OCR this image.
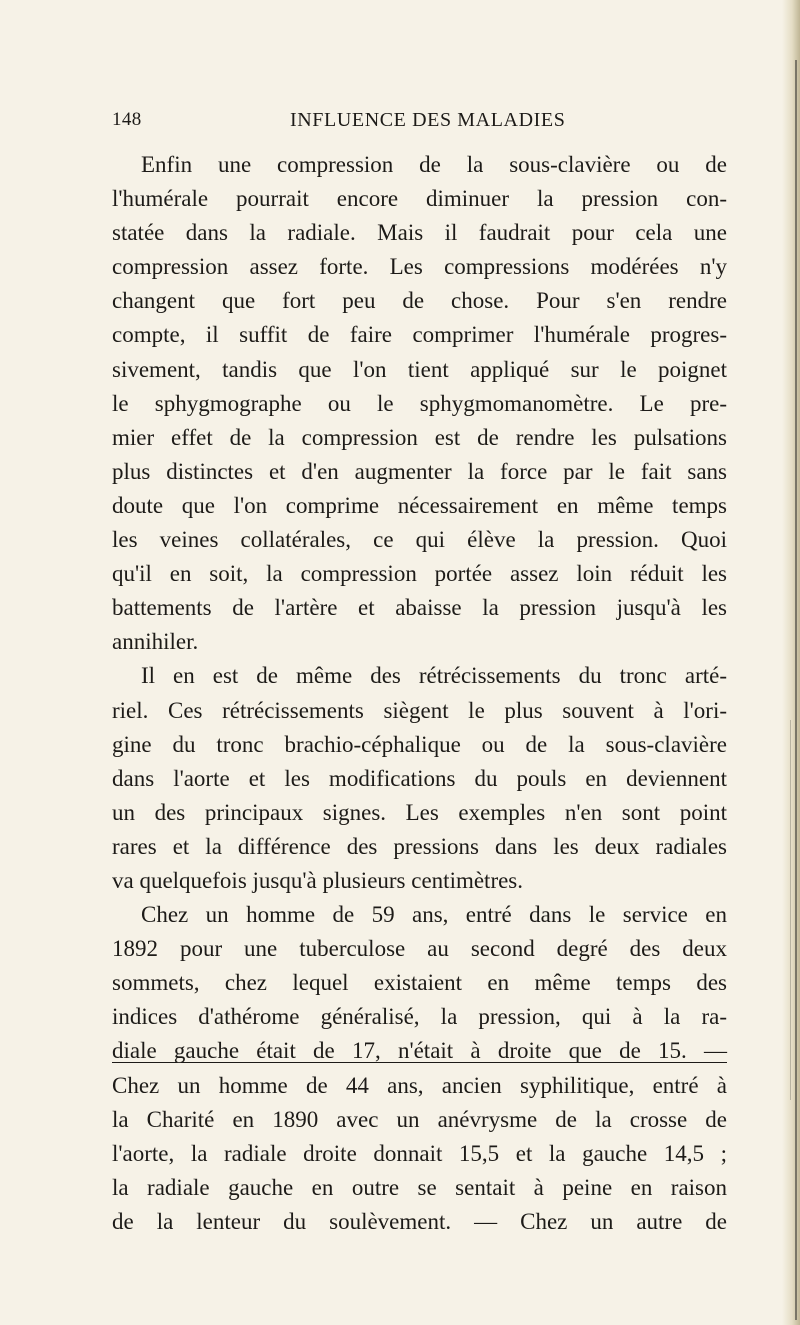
148	INFLUENCE DES MALADIES
Enfin une compression de la sous-clavière ou de
l'humérale pourrait encore diminuer la pression con-
statée dans la radiale. Mais il faudrait pour cela une
compression assez forte. Les compressions modérées n'y
changent que fort peu de chose. Pour s'en rendre
compte, il suffit de faire comprimer l'humérale progres-
sivement, tandis que l'on tient appliqué sur le poignet
le sphygmographe ou le sphygmomanomètre. Le pre-
mier effet de la compression est de rendre les pulsations
plus distinctes et d'en augmenter la force par le fait sans
doute que l'on comprime nécessairement en même temps
les veines collatérales, ce qui élève la pression. Quoi
qu'il en soit, la compression portée assez loin réduit les
battements de l'artère et abaisse la pression jusqu'à les
annihiler.
Il en est de même des rétrécissements du tronc arté-
riel. Ces rétrécissements siègent le plus souvent à l'ori-
gine du tronc brachio-céphalique ou de la sous-clavière
dans l'aorte et les modifications du pouls en deviennent
un des principaux signes. Les exemples n'en sont point
rares et la différence des pressions dans les deux radiales
va quelquefois jusqu'à plusieurs centimètres.
Chez un homme de 59 ans, entré dans le service en
1892 pour une tuberculose au second degré des deux
sommets, chez lequel existaient en même temps des
indices d'athérome généralisé, la pression, qui à la ra-
diale gauche était de 17, n'était à droite que de 15. —
Chez un homme de 44 ans, ancien syphilitique, entré à
la Charité en 1890 avec un anévrysme de la crosse de
l'aorte, la radiale droite donnait 15,5 et la gauche 14,5 ;
la radiale gauche en outre se sentait à peine en raison
de la lenteur du soulèvement. — Chez un autre de
